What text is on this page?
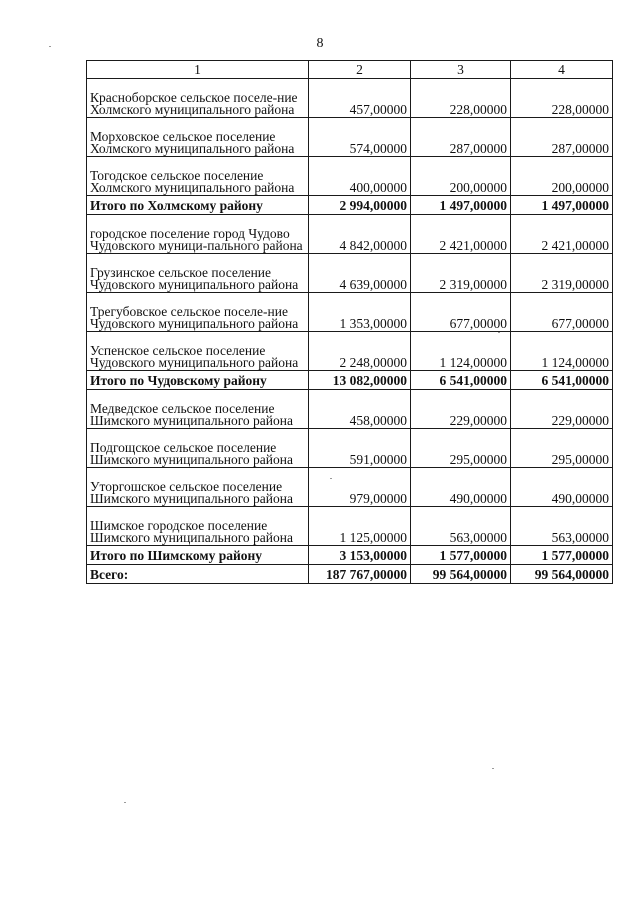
8
1	2	3	4
Красноборское сельское поселе-ние Холмского муниципального района	457,00000	228,00000	228,00000
Морховское сельское поселение Холмского муниципального района	574,00000	287,00000	287,00000
Тогодское сельское поселение Холмского муниципального района	400,00000	200,00000	200,00000
Итого по Холмскому району	2 994,00000	1 497,00000	1 497,00000
городское поселение город Чудово Чудовского муници-пального района	4 842,00000	2 421,00000	2 421,00000
Грузинское сельское поселение Чудовского муниципального района	4 639,00000	2 319,00000	2 319,00000
Трегубовское сельское поселе-ние Чудовского муниципального района	1 353,00000	677,00000	677,00000
Успенское сельское поселение Чудовского муниципального района	2 248,00000	1 124,00000	1 124,00000
Итого по Чудовскому району	13 082,00000	6 541,00000	6 541,00000
Медведское сельское поселение Шимского муниципального района	458,00000	229,00000	229,00000
Подгощское сельское поселение Шимского муниципального района	591,00000	295,00000	295,00000
Уторгошское сельское поселение Шимского муниципального района	979,00000	490,00000	490,00000
Шимское городское поселение Шимского муниципального района	1 125,00000	563,00000	563,00000
Итого по Шимскому району	3 153,00000	1 577,00000	1 577,00000
Всего:	187 767,00000	99 564,00000	99 564,00000
